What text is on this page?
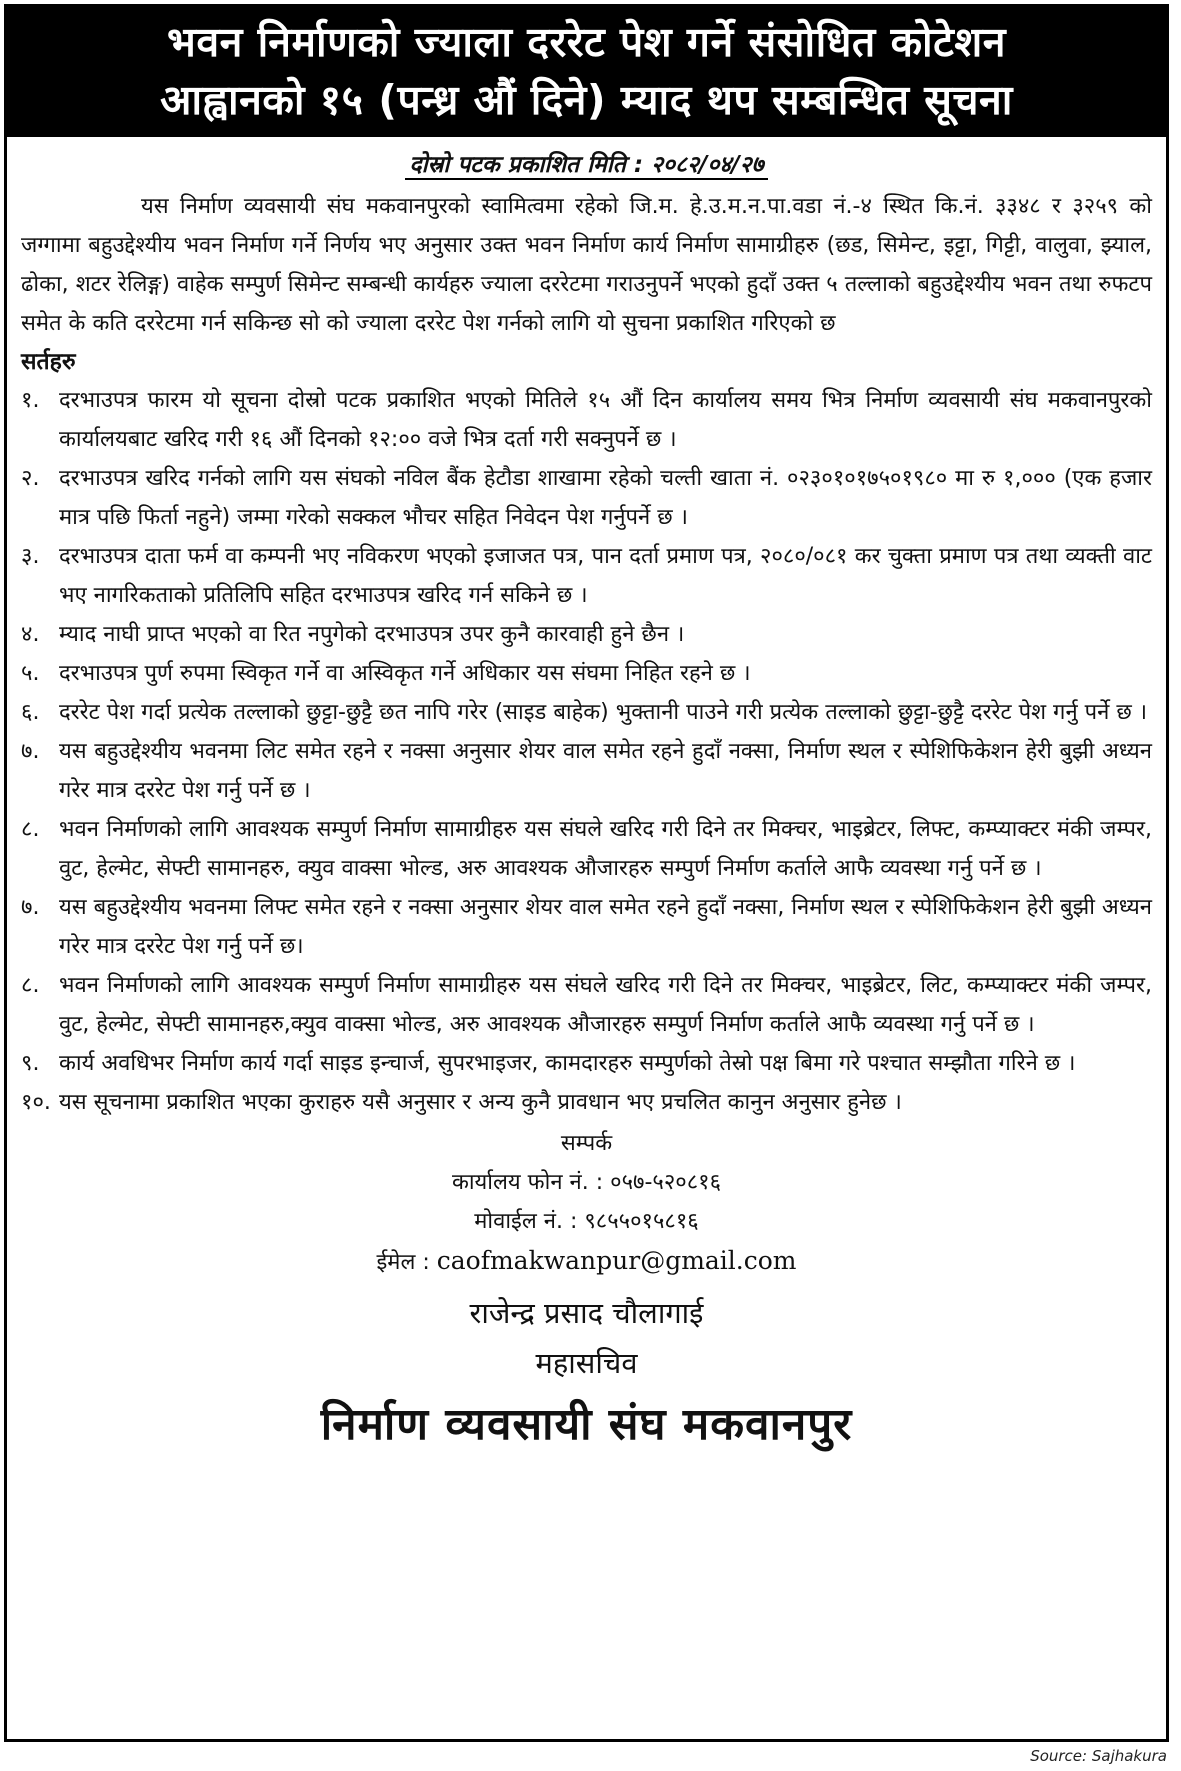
भवन निर्माणको ज्याला दररेट पेश गर्ने संसोधित कोटेशन
आह्वानको १५ (पन्ध्र औं दिने) म्याद थप सम्बन्धित सूचना
दोस्रो पटक प्रकाशित मिति : २०८२/०४/२७

यस निर्माण व्यवसायी संघ मकवानपुरको स्वामित्वमा रहेको जि.म. हे.उ.म.न.पा.वडा नं.-४ स्थित कि.नं. ३३४८ र ३२५९ को जग्गामा बहुउद्देश्यीय भवन निर्माण गर्ने निर्णय भए अनुसार उक्त भवन निर्माण कार्य निर्माण सामाग्रीहरु (छड, सिमेन्ट, इट्टा, गिट्टी, वालुवा, झ्याल, ढोका, शटर रेलिङ्ग) वाहेक सम्पुर्ण सिमेन्ट सम्बन्धी कार्यहरु ज्याला दररेटमा गराउनुपर्ने भएको हुदाँ उक्त ५ तल्लाको बहुउद्देश्यीय भवन तथा रुफटप समेत के कति दररेटमा गर्न सकिन्छ सो को ज्याला दररेट पेश गर्नको लागि यो सुचना प्रकाशित गरिएको छ

सर्तहरु

१. दरभाउपत्र फारम यो सूचना दोस्रो पटक प्रकाशित भएको मितिले १५ औं दिन कार्यालय समय भित्र निर्माण व्यवसायी संघ मकवानपुरको कार्यालयबाट खरिद गरी १६ औं दिनको १२:०० वजे भित्र दर्ता गरी सक्नुपर्ने छ ।
२. दरभाउपत्र खरिद गर्नको लागि यस संघको नविल बैंक हेटौडा शाखामा रहेको चल्ती खाता नं. ०२३०१०१७५०१९८० मा रु १,००० (एक हजार मात्र पछि फिर्ता नहुने) जम्मा गरेको सक्कल भौचर सहित निवेदन पेश गर्नुपर्ने छ ।
३. दरभाउपत्र दाता फर्म वा कम्पनी भए नविकरण भएको इजाजत पत्र, पान दर्ता प्रमाण पत्र, २०८०/०८१ कर चुक्ता प्रमाण पत्र तथा व्यक्ती वाट भए नागरिकताको प्रतिलिपि सहित दरभाउपत्र खरिद गर्न सकिने छ ।
४. म्याद नाघी प्राप्त भएको वा रित नपुगेको दरभाउपत्र उपर कुनै कारवाही हुने छैन ।
५. दरभाउपत्र पुर्ण रुपमा स्विकृत गर्ने वा अस्विकृत गर्ने अधिकार यस संघमा निहित रहने छ ।
६. दररेट पेश गर्दा प्रत्येक तल्लाको छुट्टा-छुट्टै छत नापि गरेर (साइड बाहेक) भुक्तानी पाउने गरी प्रत्येक तल्लाको छुट्टा-छुट्टै दररेट पेश गर्नु पर्ने छ ।
७. यस बहुउद्देश्यीय भवनमा लिट समेत रहने र नक्सा अनुसार शेयर वाल समेत रहने हुदाँ नक्सा, निर्माण स्थल र स्पेशिफिकेशन हेरी बुझी अध्यन गरेर मात्र दररेट पेश गर्नु पर्ने छ ।
८. भवन निर्माणको लागि आवश्यक सम्पुर्ण निर्माण सामाग्रीहरु यस संघले खरिद गरी दिने तर मिक्चर, भाइब्रेटर, लिफ्ट, कम्प्याक्टर मंकी जम्पर, वुट, हेल्मेट, सेफ्टी सामानहरु, क्युव वाक्सा भोल्ड, अरु आवश्यक औजारहरु सम्पुर्ण निर्माण कर्ताले आफै व्यवस्था गर्नु पर्ने छ ।
७. यस बहुउद्देश्यीय भवनमा लिफ्ट समेत रहने र नक्सा अनुसार शेयर वाल समेत रहने हुदाँ नक्सा, निर्माण स्थल र स्पेशिफिकेशन हेरी बुझी अध्यन गरेर मात्र दररेट पेश गर्नु पर्ने छ।
८. भवन निर्माणको लागि आवश्यक सम्पुर्ण निर्माण सामाग्रीहरु यस संघले खरिद गरी दिने तर मिक्चर, भाइब्रेटर, लिट, कम्प्याक्टर मंकी जम्पर, वुट, हेल्मेट, सेफ्टी सामानहरु,क्युव वाक्सा भोल्ड, अरु आवश्यक औजारहरु सम्पुर्ण निर्माण कर्ताले आफै व्यवस्था गर्नु पर्ने छ ।
९. कार्य अवधिभर निर्माण कार्य गर्दा साइड इन्चार्ज, सुपरभाइजर, कामदारहरु सम्पुर्णको तेस्रो पक्ष बिमा गरे पश्चात सम्झौता गरिने छ ।
१०. यस सूचनामा प्रकाशित भएका कुराहरु यसै अनुसार र अन्य कुनै प्रावधान भए प्रचलित कानुन अनुसार हुनेछ ।
सम्पर्क
कार्यालय फोन नं. : ०५७-५२०८१६
मोवाईल नं. : ९८५५०१५८१६
ईमेल : caofmakwanpur@gmail.com
राजेन्द्र प्रसाद चौलागाई
महासचिव
निर्माण व्यवसायी संघ मकवानपुर
Source: Sajhakura
